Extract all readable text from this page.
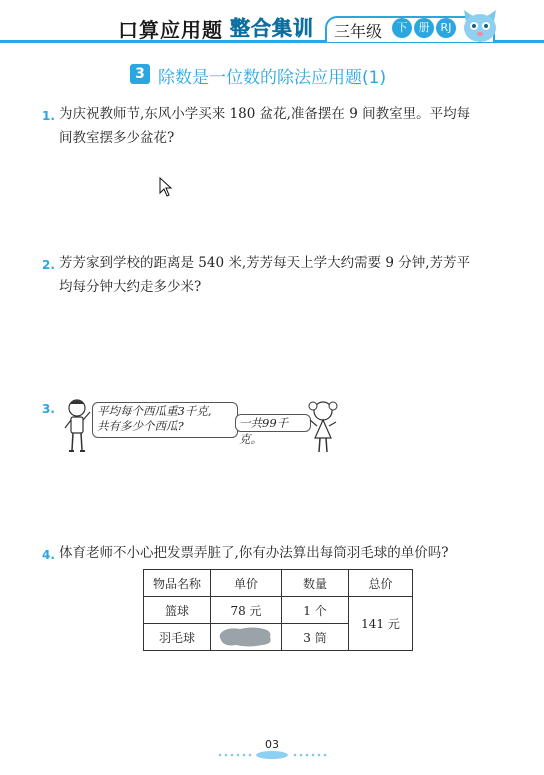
口算应用题 整合集训 三年级	下	册	RJ
3 除数是一位数的除法应用题(1)
1. 为庆祝教师节,东风小学买来 180 盆花,准备摆在 9 间教室里。平均每
间教室摆多少盆花?
2. 芳芳家到学校的距离是 540 米,芳芳每天上学大约需要 9 分钟,芳芳平
均每分钟大约走多少米?
3.	平均每个西瓜重3千克,
共有多少个西瓜?	一共99千克。
4. 体育老师不小心把发票弄脏了,你有办法算出每筒羽毛球的单价吗?
物品名称	单价	数量	总价
篮球	78 元	1 个	141 元
羽毛球		3 筒	
03
